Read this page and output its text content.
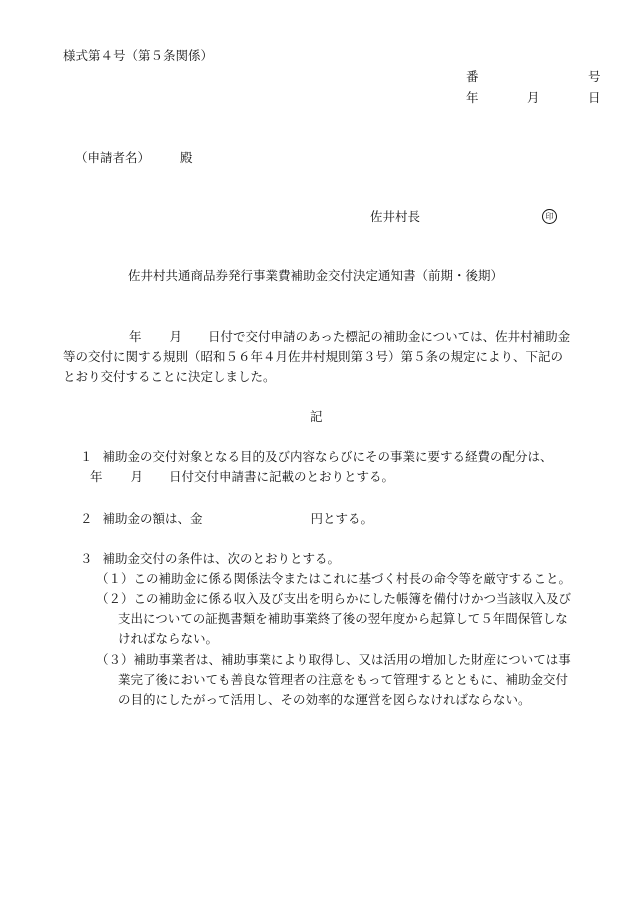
様式第４号（第５条関係）
番	号
年	月	日
（申請者名） 殿
佐井村長	印
佐井村共通商品券発行事業費補助金交付決定通知書（前期・後期）
年 月 日付で交付申請のあった標記の補助金については、佐井村補助金
等の交付に関する規則（昭和５６年４月佐井村規則第３号）第５条の規定により、下記の
とおり交付することに決定しました。
記
１ 補助金の交付対象となる目的及び内容ならびにその事業に要する経費の配分は、
年 月 日付交付申請書に記載のとおりとする。
２ 補助金の額は、金	円とする。
３ 補助金交付の条件は、次のとおりとする。
（１）この補助金に係る関係法令またはこれに基づく村長の命令等を厳守すること。
（２）この補助金に係る収入及び支出を明らかにした帳簿を備付けかつ当該収入及び
支出についての証拠書類を補助事業終了後の翌年度から起算して５年間保管しな
ければならない。
（３）補助事業者は、補助事業により取得し、又は活用の増加した財産については事
業完了後においても善良な管理者の注意をもって管理するとともに、補助金交付
の目的にしたがって活用し、その効率的な運営を図らなければならない。
